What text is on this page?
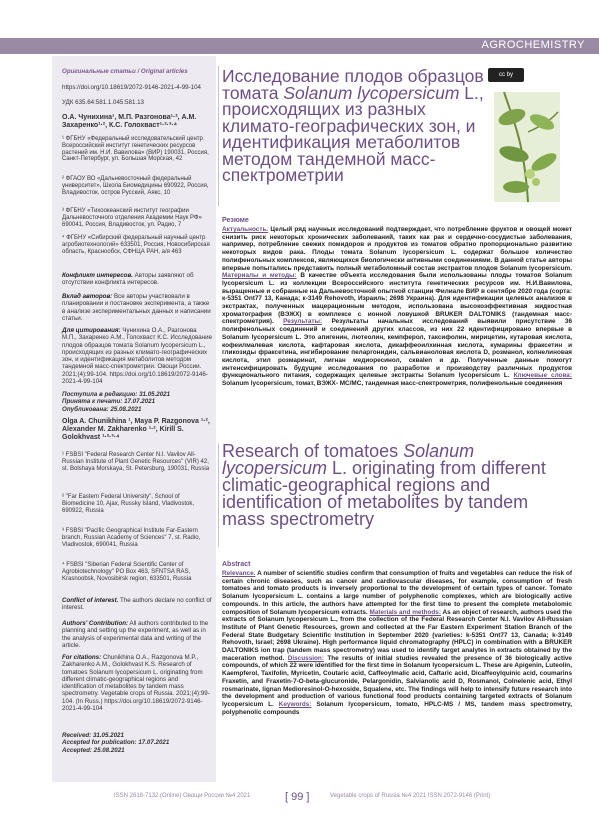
AGROCHEMISTRY
Оригинальные статьи / Original articles
https://doi.org/10.18619/2072-9146-2021-4-99-104
УДК 635.64:581.1.045:581.13
О.А. Чунихина¹, М.П. Разгонова¹·², А.М. Захаренко¹·², К.С. Голохваст¹·²·³·⁴
¹ ФГБНУ «Федеральный исследовательский центр Всероссийский институт генетических ресурсов растений им. Н.И. Вавилова» (ВИР) 190031, Россия, Санкт-Петербург, ул. Большая Морская, 42
² ФГАОУ ВО «Дальневосточный федеральный университет», Школа Биомедицины 690922, Россия, Владивосток, остров Русский, Аякс, 10
³ ФГБНУ «Тихоокеанский институт географии Дальневосточного отделения Академии Наук РФ» 690041, Россия, Владивосток, ул. Радио, 7
⁴ ФГБНУ «Сибирский федеральный научный центр агробиотехнологий» 633501, Россия, Новосибирская область, Краснообск, СФНЦА РАН, а/я 463
Конфликт интересов. Авторы заявляют об отсутствии конфликта интересов.
Вклад авторов: Все авторы участвовали в планировании и постановке эксперимента, а также в анализе экспериментальных данных и написании статьи.
Для цитирования: Чунихина О.А., Разгонова М.П., Захаренко А.М., Голохваст К.С. Исследование плодов образцов томата Solanum lycopersicum L., происходящих из разных климато-географических зон, и идентификация метаболитов методом тандемной масс-спектрометрии. Овощи России. 2021;(4):99-104. https://doi.org/10.18619/2072-9146-2021-4-99-104
Поступила в редакцию: 31.05.2021
Принята к печати: 17.07.2021
Опубликована: 25.08.2021
Olga A. Chunikhina ¹, Maya P. Razgonova ¹·², Alexander M. Zakharenko ¹·², Kirill S. Golokhvast ¹·²·³·⁴
¹ FSBSI "Federal Research Center N.I. Vavilov All-Russian Institute of Plant Genetic Resources" (VIR) 42, st. Bolshaya Morskaya, St. Petersburg, 190031, Russia
² "Far Eastern Federal University", School of Biomedicine 10, Ajax, Russky Island, Vladivostok, 690922, Russia
³ FSBSI "Pacific Geographical Institute Far-Eastern branch, Russian Academy of Sciences" 7, st. Radio, Vladivostok, 690041, Russia
⁴ FSBSI "Siberian Federal Scientific Center of Agrobiotechnology" PO Box 463, SFNTSA RAS, Krasnoobsk, Novosibirsk region, 633501, Russia
Conflict of interest. The authors declare no conflict of interest.
Authors' Contribution: All authors contributed to the planning and setting up the experiment, as well as in the analysis of experimental data and writing of the article.
For citations: Chunikhina O.A., Razgonova M.P., Zakharenko A.M., Golokhvast K.S. Research of tomatoes Solanum lycopersicum L. originating from different climatic-geographical regions and identification of metabolites by tandem mass spectrometry. Vegetable crops of Russia. 2021;(4):99-104. (In Russ.) https://doi.org/10.18619/2072-9146-2021-4-99-104
Received: 31.05.2021
Accepted for publication: 17.07.2021
Accepted: 25.08.2021
Исследование плодов образцов томата Solanum lycopersicum L., происходящих из разных климато-географических зон, и идентификация метаболитов методом тандемной масс-спектрометрии
cc by
Резюме
Актуальность. Целый ряд научных исследований подтверждает, что потребление фруктов и овощей может снизить риск некоторых хронических заболеваний, таких как рак и сердечно-сосудистые заболевания, например, потребление свежих помидоров и продуктов из томатов обратно пропорционально развитию некоторых видов рака. Плоды томата Solanum lycopersicum L. содержат большое количество полифенольных комплексов, являющихся биологически активными соединениями. В данной статье авторы впервые попытались представить полный метаболомный состав экстрактов плодов Solanum lycopersicum. Материалы и методы: В качестве объекта исследования были использованы плоды томатов Solanum lycopersicum L. из коллекции Всероссийского института генетических ресурсов им. Н.И.Вавилова, выращенные и собранные на Дальневосточной опытной станции Филиале ВИР в сентябре 2020 года (сорта: к-5351 Ont77 13, Канада; к-3149 Rehovoth, Израиль; 2698 Украина). Для идентификации целевых анализов в экстрактах, полученных мацерационным методом, использована высокоэффективная жидкостная хроматография (ВЭЖХ) в комплексе с ионной ловушкой BRUKER DALTONIKS (тандемная масс-спектрометрия). Результаты: Результаты начальных исследований выявили присутствие 36 полифенольных соединений и соединений других классов, из них 22 идентифицировано впервые в Solanum lycopersicum L. Это апигенин, лютеолин, кемпферол, таксифолин, мирицетин, кутаровая кислота, кофеилмалевая кислота, кафтаровая кислота, дикаффеоилхинная кислота, кумарины фраксетин и гликозиды фраксетина, ингибирование пеларгонидин, сальвианоловая кислота D, розманол, колнелиновая кислота, этил розмаринат, лигнан медиоресинол, скваlen и др. Полученные данные помогут интенсифицировать будущие исследования по разработке и производству различных продуктов функционального питания, содержащих целевые экстракты Solanum lycopersicum L. Ключевые слова: Solanum lycopersicum, томат, ВЭЖХ- МС/МС, тандемная масс-спектрометрия, полифенольные соединения
Research of tomatoes Solanum lycopersicum L. originating from different climatic-geographical regions and identification of metabolites by tandem mass spectrometry
Abstract
Relevance. A number of scientific studies confirm that consumption of fruits and vegetables can reduce the risk of certain chronic diseases, such as cancer and cardiovascular diseases, for example, consumption of fresh tomatoes and tomato products is inversely proportional to the development of certain types of cancer. Tomato Solanum lycopersicum L. contains a large number of polyphenolic complexes, which are biologically active compounds. In this article, the authors have attempted for the first time to present the complete metabolomic composition of Solanum lycopersicum extracts. Materials and methods: As an object of research, authors used the extracts of Solanum lycopersicum L., from the collection of the Federal Research Center N.I. Vavilov All-Russian Institute of Plant Genetic Resources, grown and collected at the Far Eastern Experiment Station Branch of the Federal State Budgetary Scientific Institution in September 2020 (varieties: k-5351 Ont77 13, Canada; k-3149 Rehovoth, Israel; 2698 Ukraine). High performance liquid chromatography (HPLC) in combination with a BRUKER DALTONIKS ion trap (tandem mass spectrometry) was used to identify target analytes in extracts obtained by the maceration method. Discussion: The results of initial studies revealed the presence of 36 biologically active compounds, of which 22 were identified for the first time in Solanum lycopersicum L. These are Apigenin, Luteolin, Kaempferol, Taxifolin, Myricetin, Coutaric acid, Caffeoylmalic acid, Caftaric acid, Dicaffeoylquinic acid, coumarins Fraxetin, and Fraxetin-7-O-beta-glucuronide, Pelargonidin, Salvianolic acid D, Rosmanol, Colnelenic acid, Ethyl rosmarinate, lignan Medioresinol-O-hexoside, Squalene, etc. The findings will help to intensify future research into the development and production of various functional food products containing targeted extracts of Solanum lycopersicum L. Keywords: Solanum lycopersicum, tomato, HPLC-MS / MS, tandem mass spectrometry, polyphenolic compounds
ISSN 2618-7132 (Online) Овощи России №4 2021	Vegetable crops of Russia №4 2021 ISSN 2072-9146 (Print)
[ 99 ]
